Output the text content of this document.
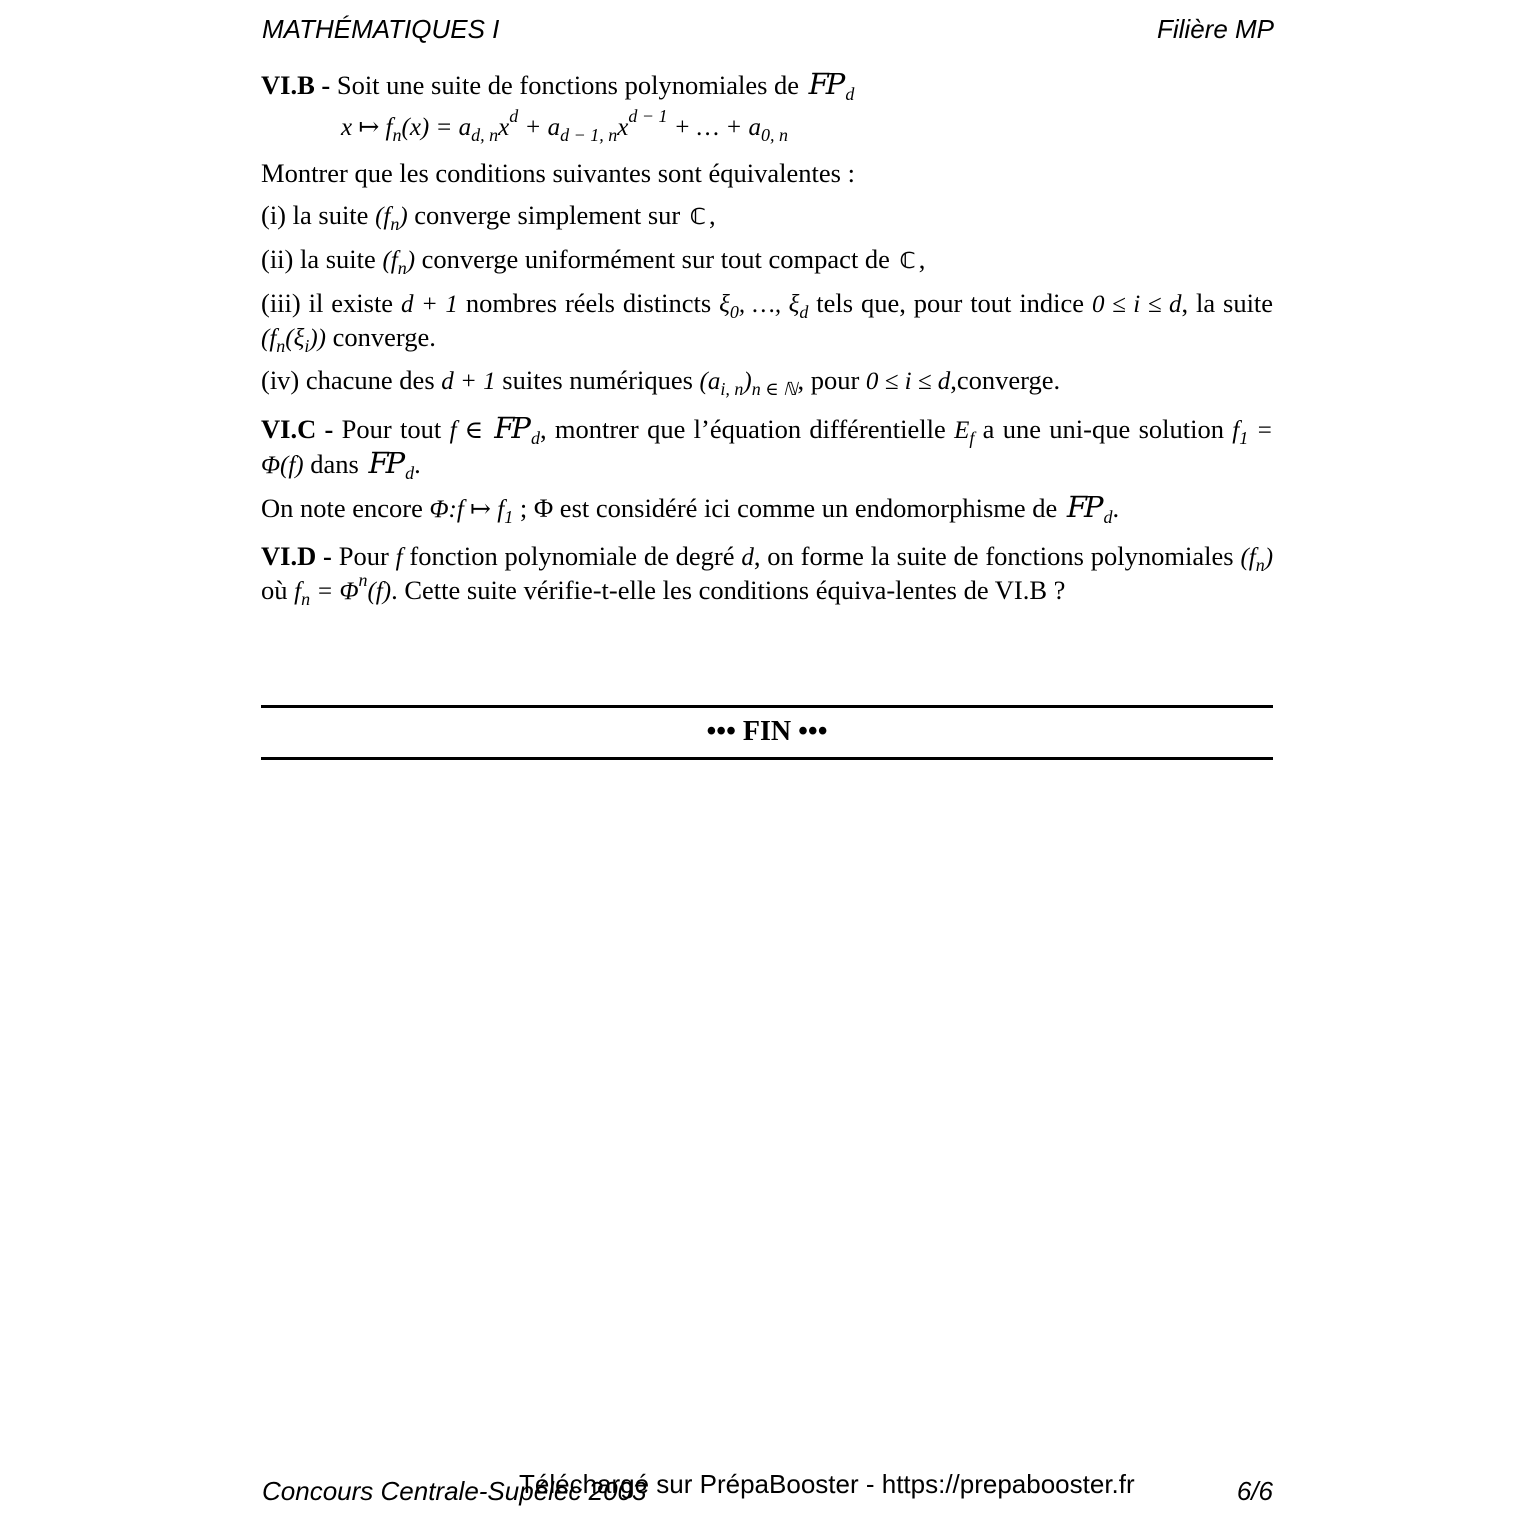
MATHÉMATIQUES I	Filière MP

VI.B - Soit une suite de fonctions polynomiales de FP $_d$

x ↦ $f_n(x) = a_{d, n}x^d + a_{d - 1, n}x^{d - 1}$ + … + $a_{0, n}$

Montrer que les conditions suivantes sont équivalentes :

(i) la suite $(f_n)$ converge simplement sur ℂ ,

(ii) la suite $(f_n)$ converge uniformément sur tout compact de ℂ ,

(iii) il existe d + 1 nombres réels distincts $\xi_0$, …, $\xi_d$ tels que, pour tout indice 0 ≤ i ≤ d, la suite $(f_n(\xi_i))$ converge.

(iv) chacune des d + 1 suites numériques $(a_{i, n})_{n \in ℕ}$, pour 0 ≤ i ≤ d,converge.

VI.C - Pour tout f ∈ FP $_d$, montrer que l’équation différentielle $E_f$ a une uni-que solution $f_1 = \Phi(f)$ dans FP $_d$.

On note encore Φ:f ↦ $f_1$ ; Φ est considéré ici comme un endomorphisme de FP $_d$.

VI.D - Pour f fonction polynomiale de degré d, on forme la suite de fonctions polynomiales $(f_n)$ où $f_n = \Phi^n(f)$. Cette suite vérifie-t-elle les conditions équiva-lentes de VI.B ?

••• FIN •••
Concours Centrale-Supélec 2003
Téléchargé sur PrépaBooster - https://prepabooster.fr	6/6
